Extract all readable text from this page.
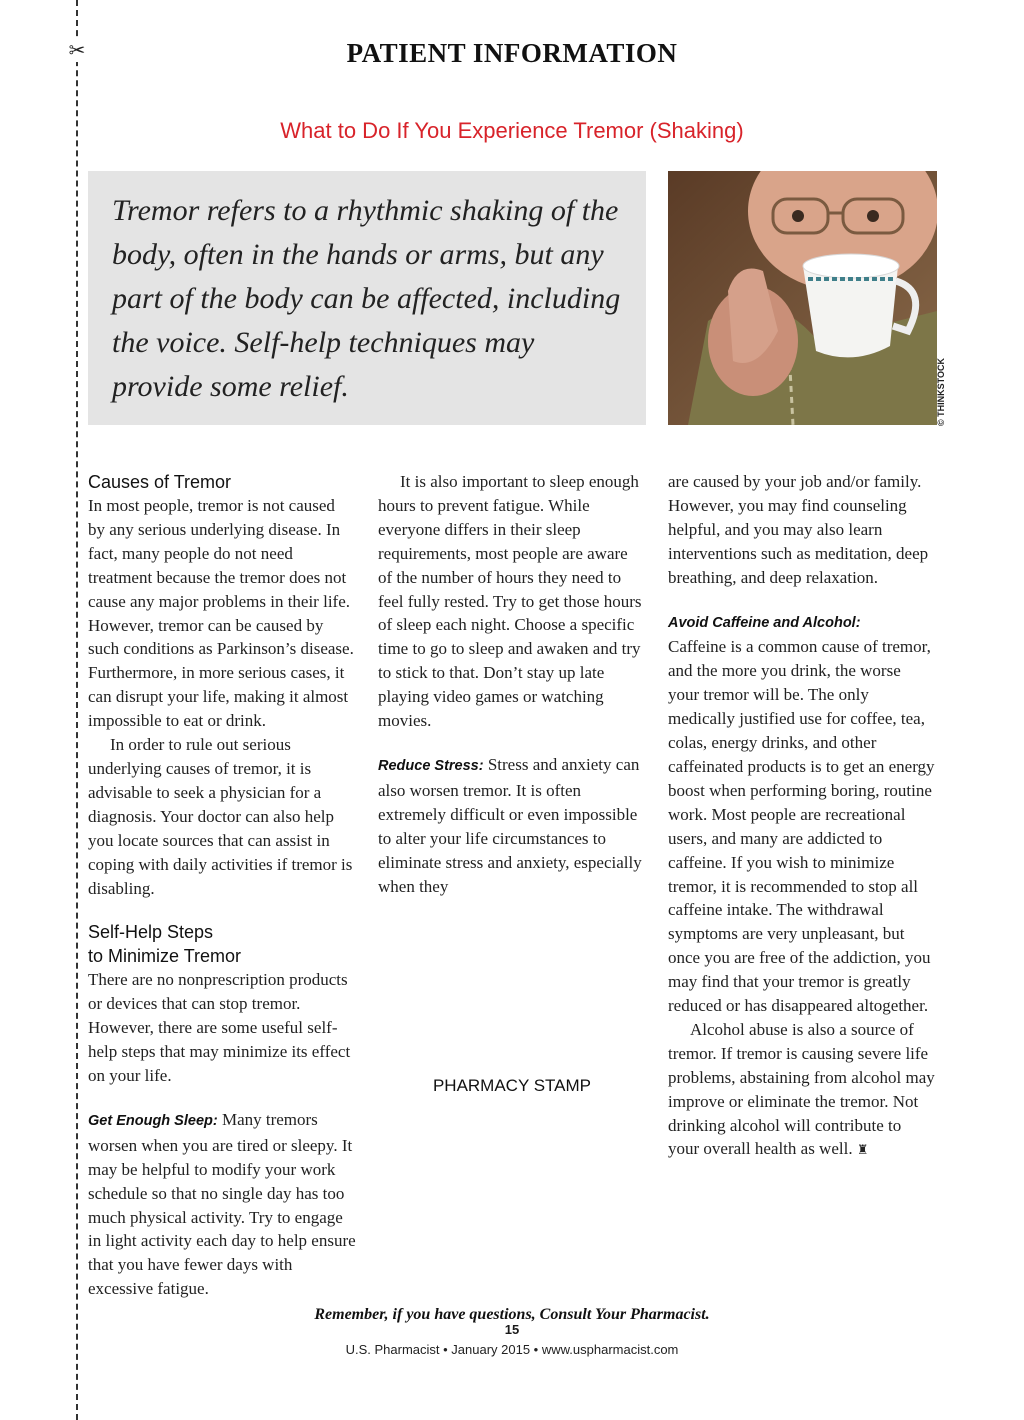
✂	PATIENT INFORMATION
What to Do If You Experience Tremor (Shaking)

Tremor refers to a rhythmic shaking of the body, often in the hands or arms, but any part of the body can be affected, including the voice. Self-help techniques may provide some relief.	© THINKSTOCK

Causes of Tremor

In most people, tremor is not caused by any serious underlying disease. In fact, many people do not need treatment because the tremor does not cause any major problems in their life. However, tremor can be caused by such conditions as Parkinson’s disease. Furthermore, in more serious cases, it can disrupt your life, making it almost impossible to eat or drink.

In order to rule out serious underlying causes of tremor, it is advisable to seek a physician for a diagnosis. Your doctor can also help you locate sources that can assist in coping with daily activities if tremor is disabling.

Self-Help Steps

to Minimize Tremor

There are no nonprescription products or devices that can stop tremor. However, there are some useful self-help steps that may minimize its effect on your life.

Get Enough Sleep: Many tremors worsen when you are tired or sleepy. It may be helpful to modify your work schedule so that no single day has too much physical activity. Try to engage in light activity each day to help ensure that you have fewer days with excessive fatigue.

It is also important to sleep enough hours to prevent fatigue. While everyone differs in their sleep requirements, most people are aware of the number of hours they need to feel fully rested. Try to get those hours of sleep each night. Choose a specific time to go to sleep and awaken and try to stick to that. Don’t stay up late playing video games or watching movies.

Reduce Stress: Stress and anxiety can also worsen tremor. It is often extremely difficult or even impossible to alter your life circumstances to eliminate stress and anxiety, especially when they

PHARMACY STAMP

are caused by your job and/or family. However, you may find counseling helpful, and you may also learn interventions such as meditation, deep breathing, and deep relaxation.

Avoid Caffeine and Alcohol:

Caffeine is a common cause of tremor, and the more you drink, the worse your tremor will be. The only medically justified use for coffee, tea, colas, energy drinks, and other caffeinated products is to get an energy boost when performing boring, routine work. Most people are recreational users, and many are addicted to caffeine. If you wish to minimize tremor, it is recommended to stop all caffeine intake. The withdrawal symptoms are very unpleasant, but once you are free of the addiction, you may find that your tremor is greatly reduced or has disappeared altogether.

Alcohol abuse is also a source of tremor. If tremor is causing severe life problems, abstaining from alcohol may improve or eliminate the tremor. Not drinking alcohol will contribute to your overall health as well. ♜

Remember, if you have questions, Consult Your Pharmacist.
15
U.S. Pharmacist • January 2015 • www.uspharmacist.com
